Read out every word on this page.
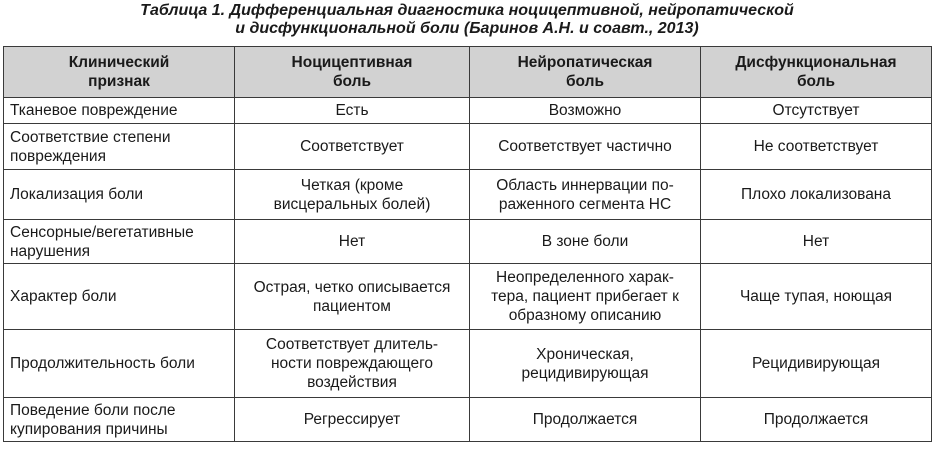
Таблица 1. Дифференциальная диагностика ноцицептивной, нейропатической
и дисфункциональной боли (Баринов А.Н. и соавт., 2013)
Клинический признак	Ноцицептивная боль	Нейропатическая боль	Дисфункциональная боль
Тканевое повреждение	Есть	Возможно	Отсутствует
Соответствие степени повреждения	Соответствует	Соответствует частично	Не соответствует
Локализация боли	Четкая (кроме висцеральных болей)	Область иннервации по-раженного сегмента НС	Плохо локализована
Сенсорные/вегетативные нарушения	Нет	В зоне боли	Нет
Характер боли	Острая, четко описывается пациентом	Неопределенного харак-тера, пациент прибегает к образному описанию	Чаще тупая, ноющая
Продолжительность боли	Соответствует длитель-ности повреждающего воздействия	Хроническая, рецидивирующая	Рецидивирующая
Поведение боли после купирования причины	Регрессирует	Продолжается	Продолжается
